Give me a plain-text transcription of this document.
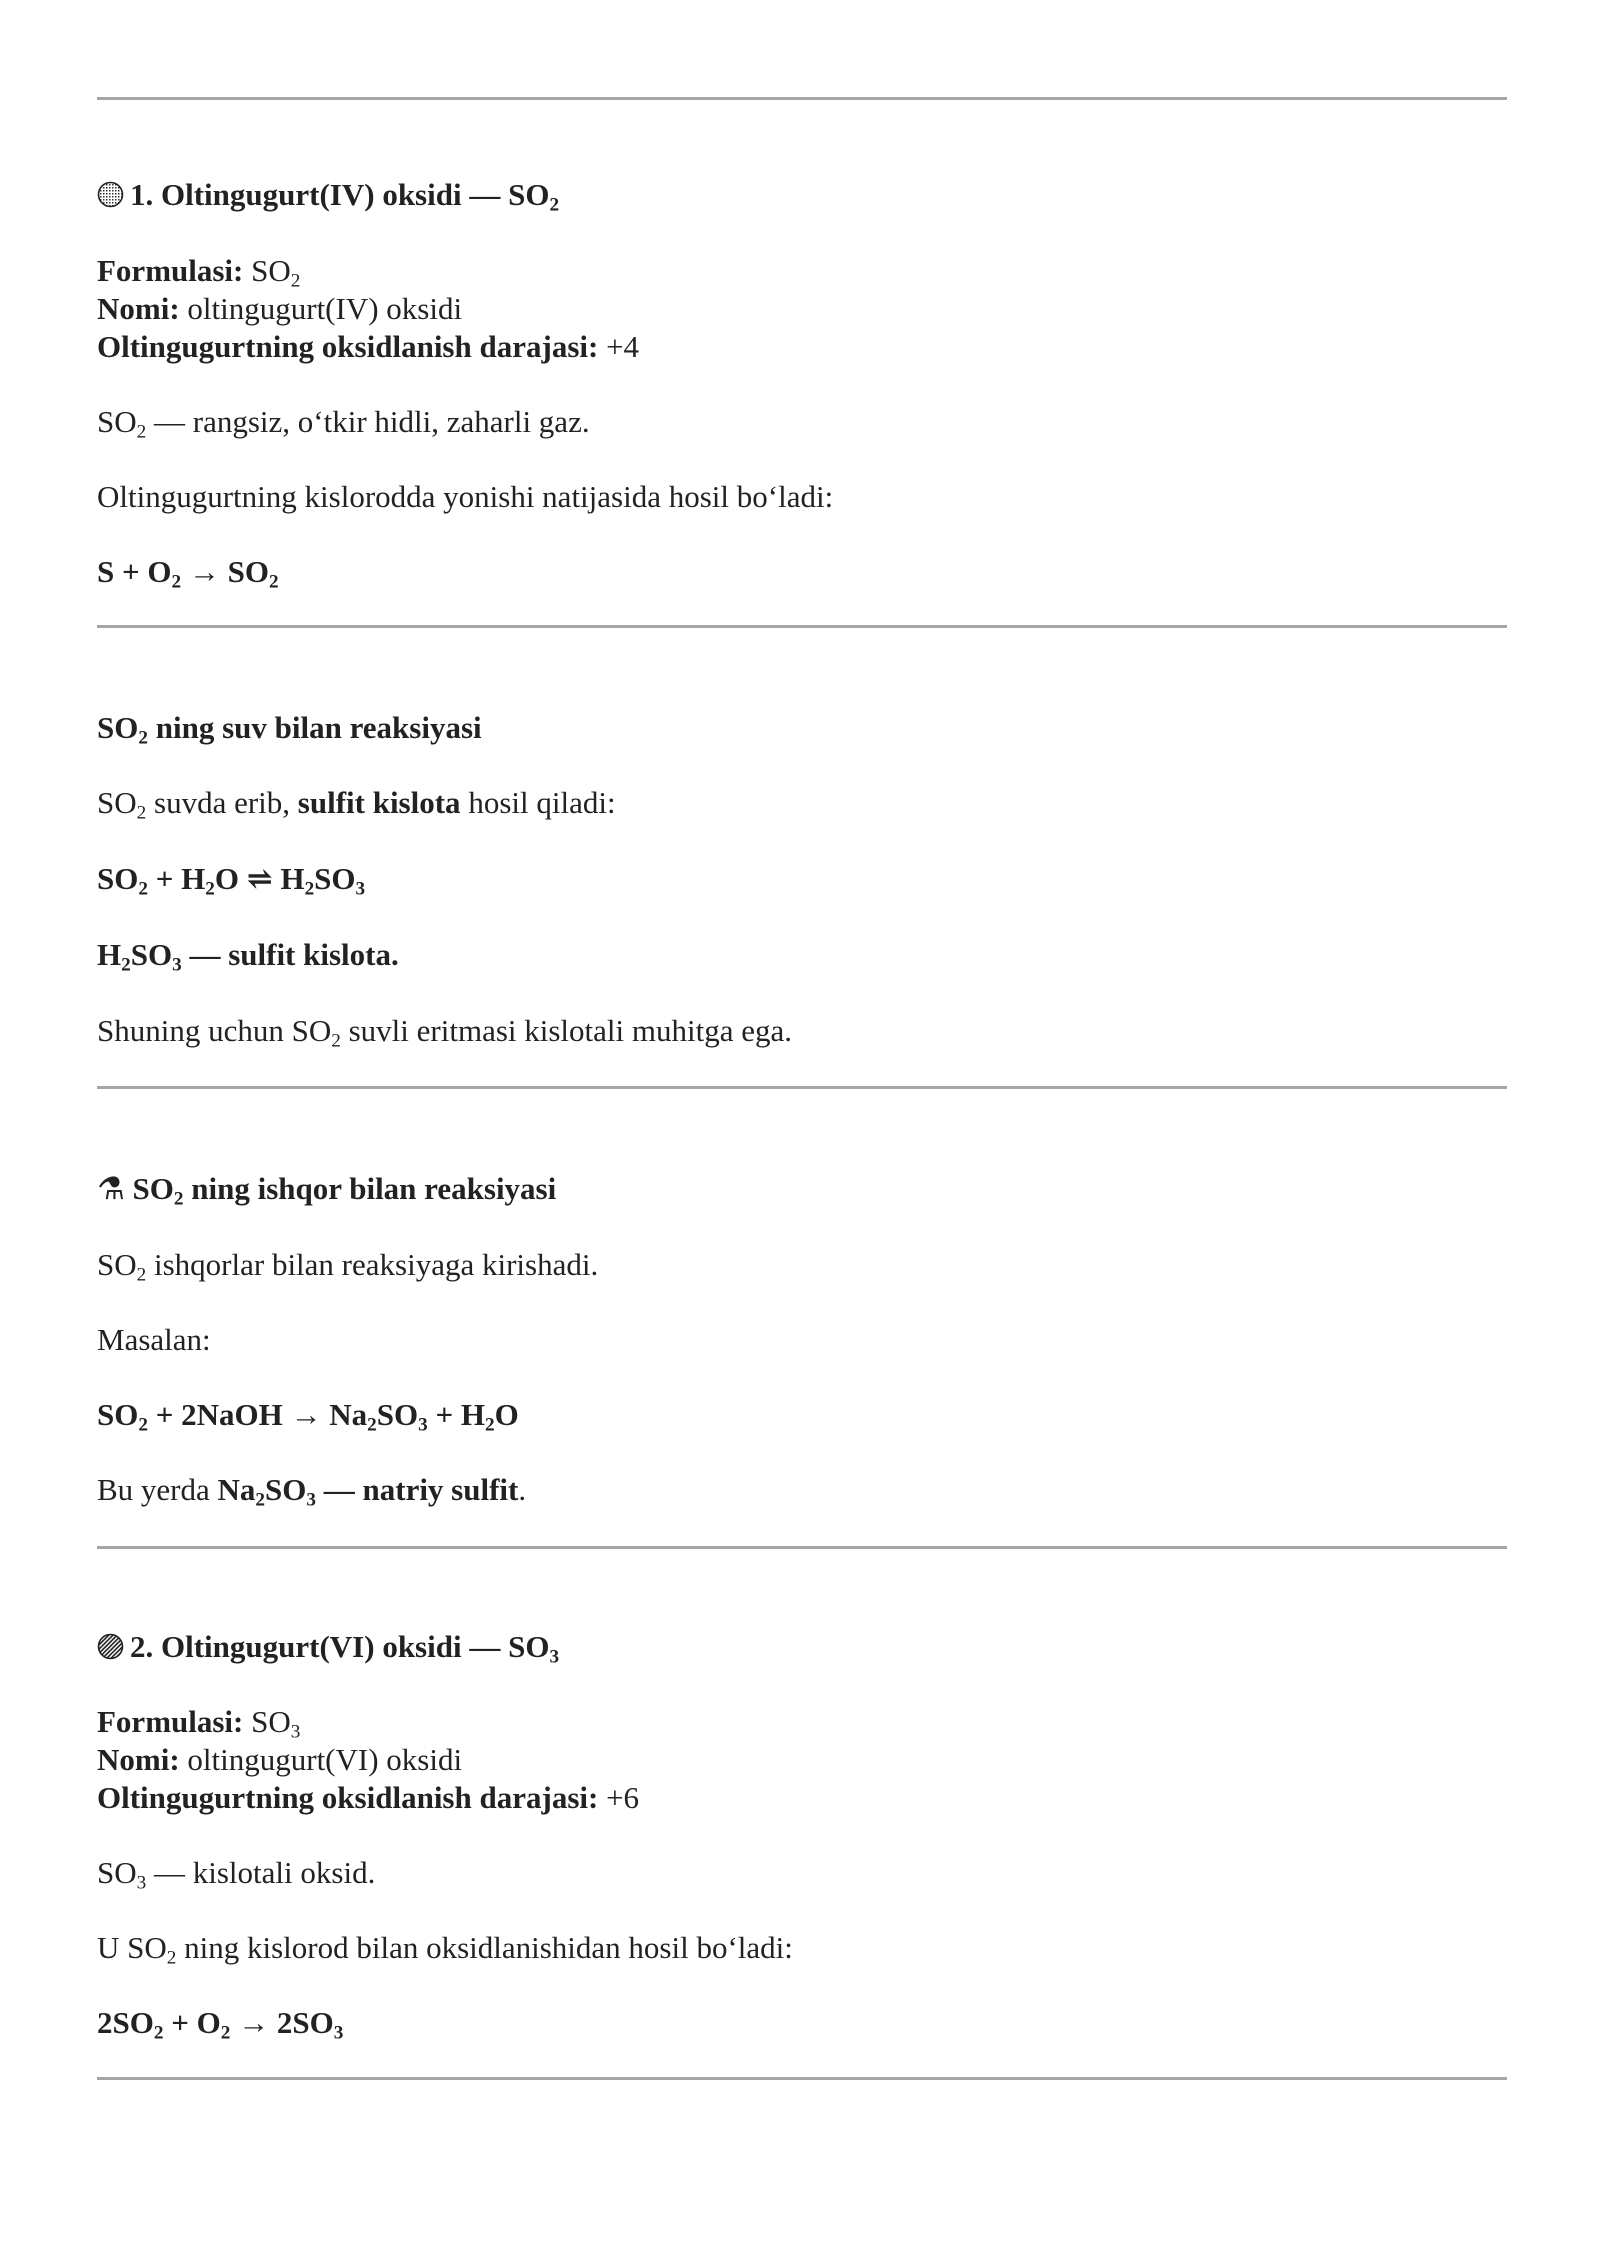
1. Oltingugurt(IV) oksidi — $SO_2$
Formulasi: $SO_2$
Nomi: oltingugurt(IV) oksidi
Oltingugurtning oksidlanish darajasi: +4
$SO_2$ — rangsiz, o‘tkir hidli, zaharli gaz.
Oltingugurtning kislorodda yonishi natijasida hosil bo‘ladi:
$S + O_2 \to SO_2$
$SO_2$ ning suv bilan reaksiyasi
$SO_2$ suvda erib, sulfit kislota hosil qiladi:
$SO_2 + H_2O$ ⇌ $H_2SO_3$
$H_2SO_3$ — sulfit kislota.
Shuning uchun $SO_2$ suvli eritmasi kislotali muhitga ega.
⚗ $SO_2$ ning ishqor bilan reaksiyasi
$SO_2$ ishqorlar bilan reaksiyaga kirishadi.
Masalan:
$SO_2$ + 2NaOH → $Na_2SO_3 + H_2O$
Bu yerda $Na_2SO_3$ — natriy sulfit.
2. Oltingugurt(VI) oksidi — $SO_3$
Formulasi: $SO_3$
Nomi: oltingugurt(VI) oksidi
Oltingugurtning oksidlanish darajasi: +6
$SO_3$ — kislotali oksid.
U $SO_2$ ning kislorod bilan oksidlanishidan hosil bo‘ladi:
$2SO_2 + O_2 \to 2SO_3$
